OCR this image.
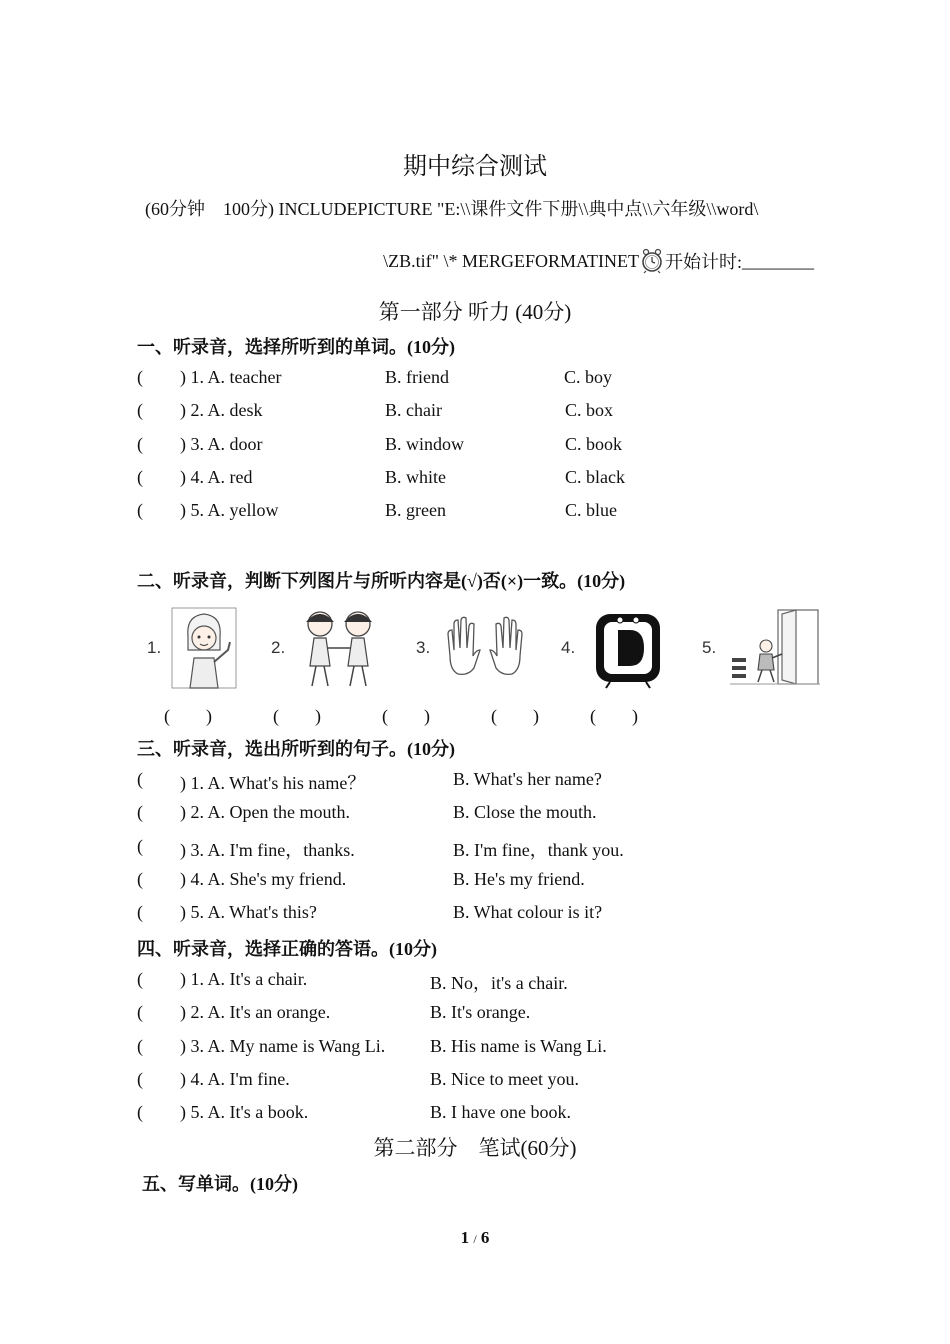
期中综合测试
(60分钟　100分) INCLUDEPICTURE "E:\\课件文件下册\\典中点\\六年级\\word\
\ZB.tif" \* MERGEFORMATINET 开始计时: ________
第一部分 听力 (40分)
一、听录音，选择所听到的单词。(10分)
( ) 1. A. teacher	B. friend	C. boy
( ) 2. A. desk	B. chair	C. box
( ) 3. A. door	B. window	C. book
( ) 4. A. red	B. white	C. black
( ) 5. A. yellow	B. green	C. blue
二、听录音，判断下列图片与所听内容是(√)否(×)一致。(10分)
1.	2.	3.	4.	5.
(　　)	(　　)	(　　)	(　　)	(　　)
三、听录音，选出所听到的句子。(10分)
( ) 1. A. What's his name？	B. What's her name?
( ) 2. A. Open the mouth.	B. Close the mouth.
( ) 3. A. I'm fine，thanks.	B. I'm fine，thank you.
( ) 4. A. She's my friend.	B. He's my friend.
( ) 5. A. What's this?	B. What colour is it?
四、听录音，选择正确的答语。(10分)
( ) 1. A. It's a chair.	B. No，it's a chair.
( ) 2. A. It's an orange.	B. It's orange.
( ) 3. A. My name is Wang Li. B. His name is Wang Li.
( ) 4. A. I'm fine.	B. Nice to meet you.
( ) 5. A. It's a book.	B. I have one book.
第二部分　笔试(60分)
五、写单词。(10分)
1 / 6
